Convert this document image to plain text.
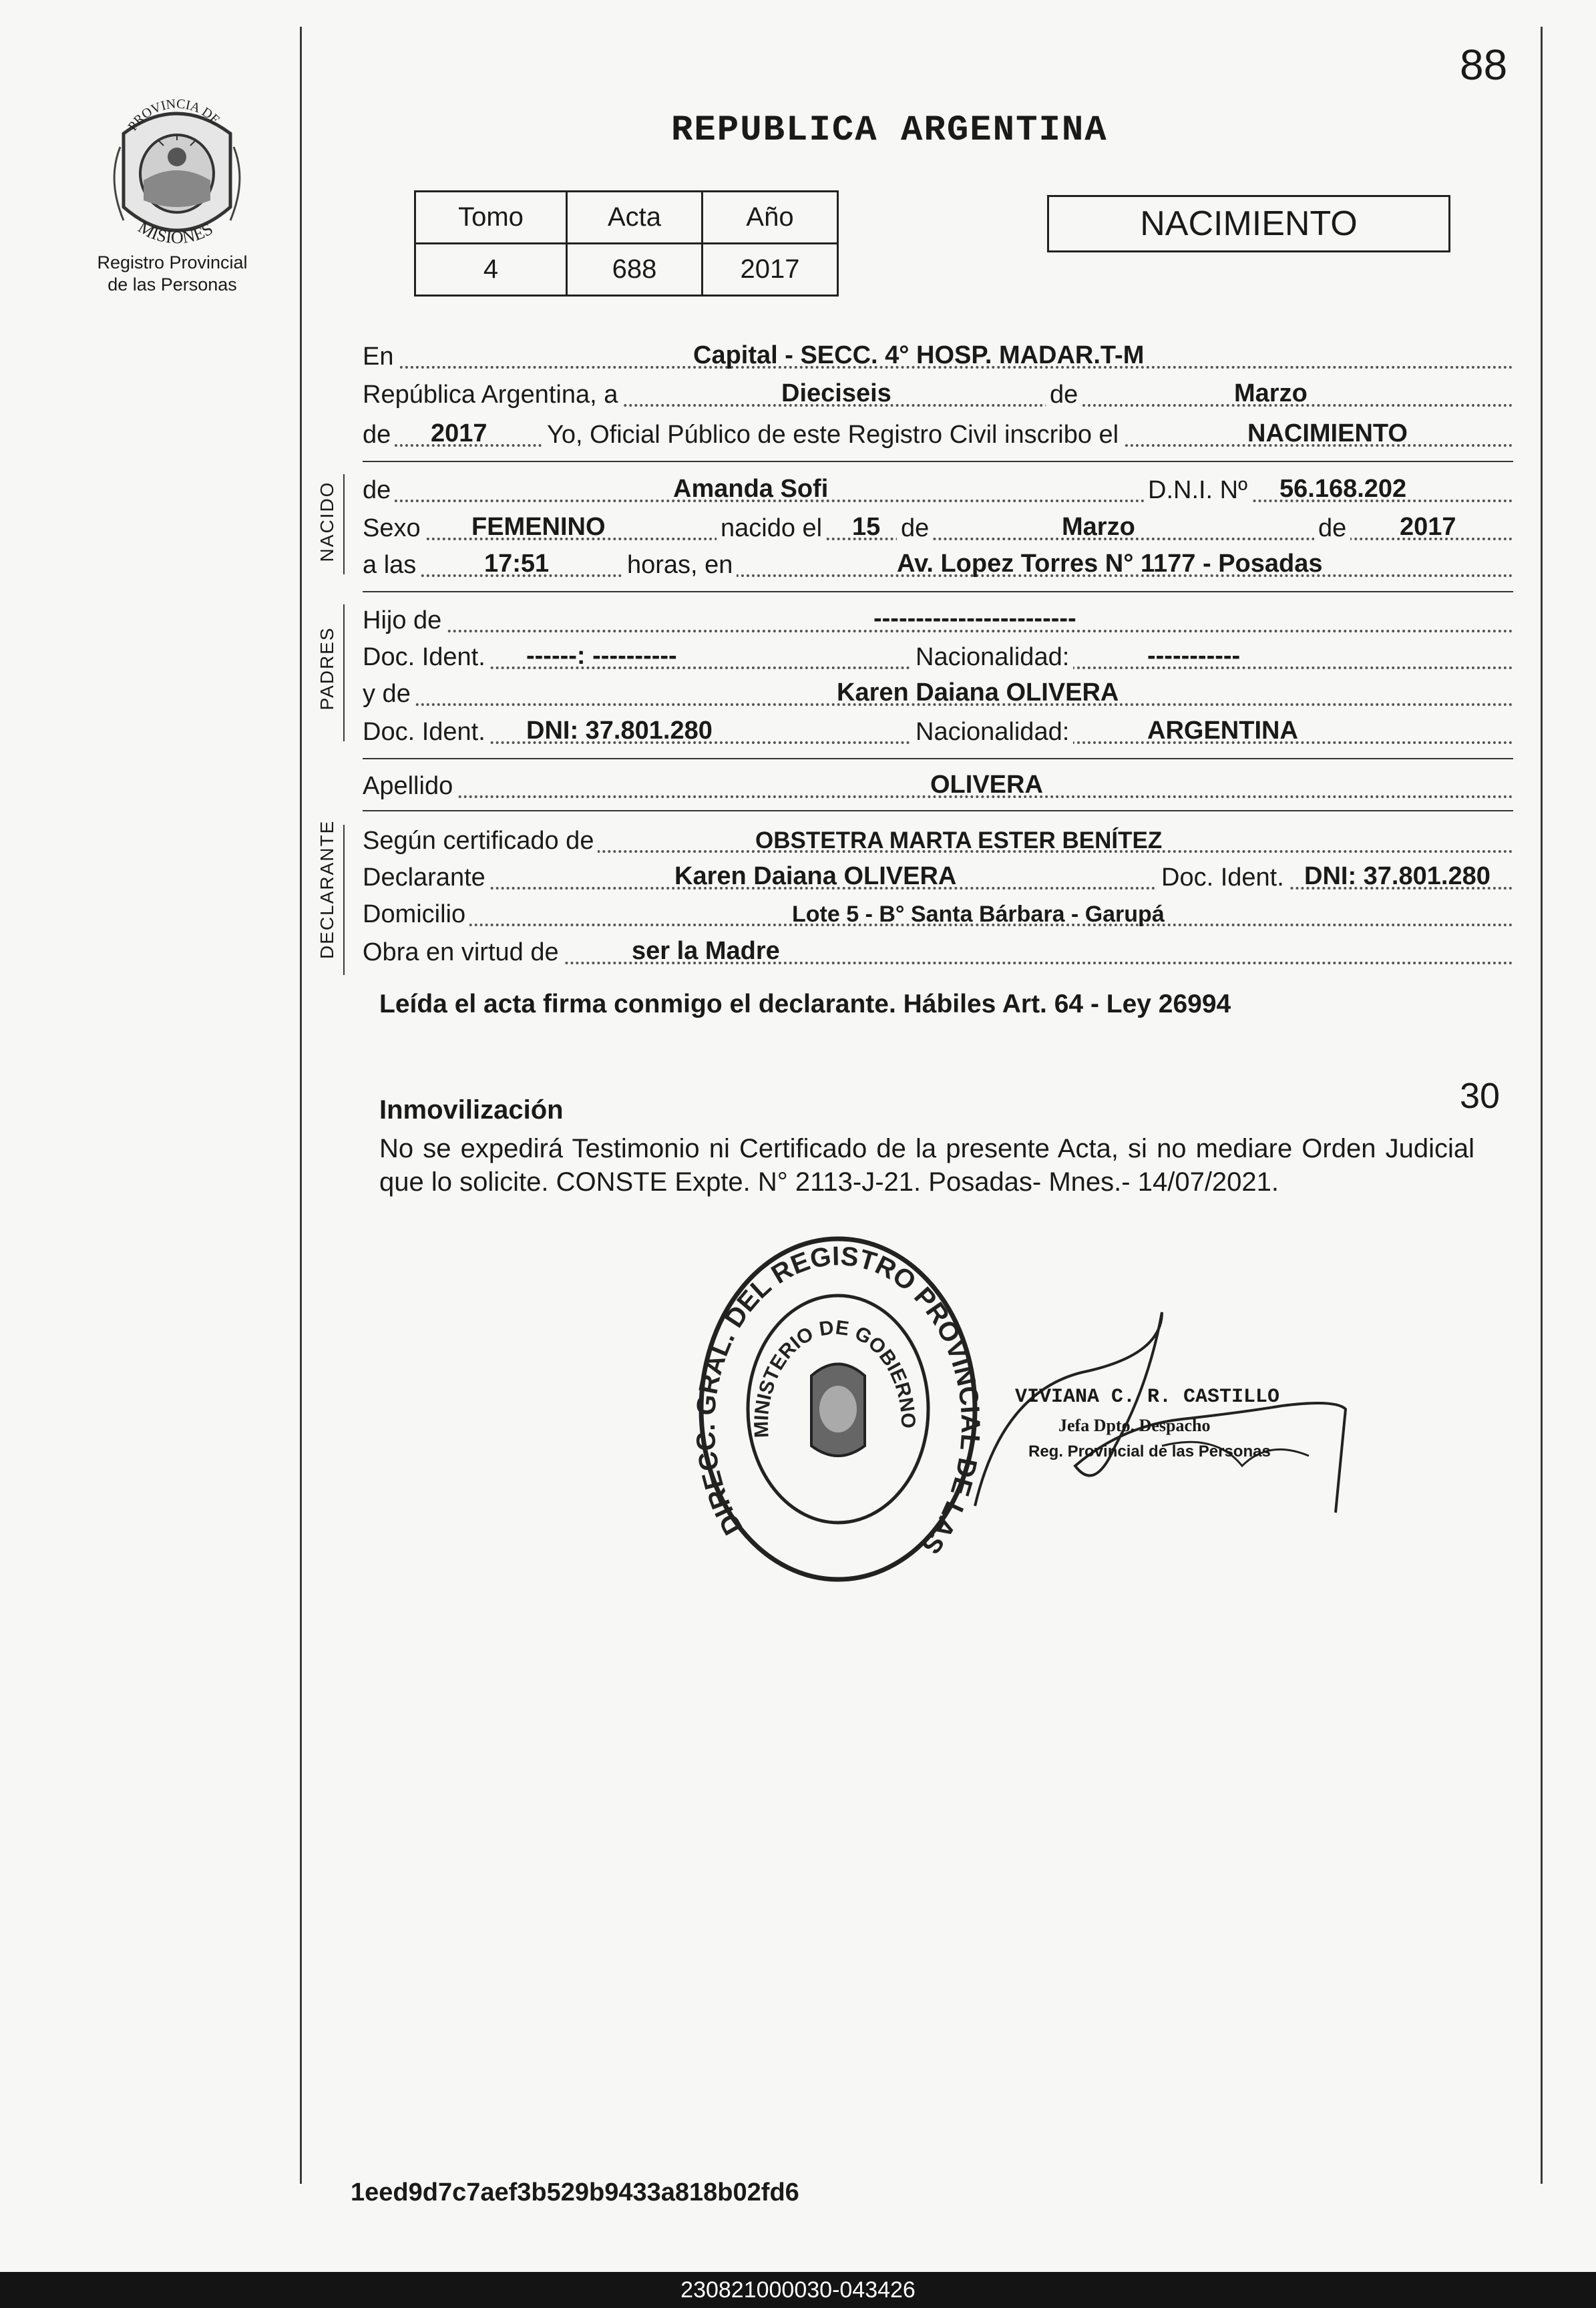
88
PROVINCIA DE
MISIONES
Registro Provincial
de las Personas
REPUBLICA ARGENTINA
Tomo	Acta	Año
4	688	2017
NACIMIENTO
En	Capital - SECC. 4° HOSP. MADAR.T-M
República Argentina, a	Dieciseis	de	Marzo
de 2017 Yo, Oficial Público de este Registro Civil inscribo el	NACIMIENTO
NACIDO de	Amanda Sofi	D.N.I. Nº 56.168.202
Sexo FEMENINO	nacido el 15 de	Marzo	de 2017
a las	17:51	horas, en	Av. Lopez Torres N° 1177 - Posadas
PADRES
Hijo de	------------------------
Doc. Ident. ------: ----------	Nacionalidad:	-----------
y de	Karen Daiana OLIVERA
Doc. Ident. DNI: 37.801.280	Nacionalidad:	ARGENTINA
Apellido	OLIVERA
DECLARANTE Según certificado de	OBSTETRA MARTA ESTER BENÍTEZ
Declarante	Karen Daiana OLIVERA	Doc. Ident. DNI: 37.801.280
Domicilio	Lote 5 - B° Santa Bárbara - Garupá
Obra en virtud de	ser la Madre
Leída el acta firma conmigo el declarante. Hábiles Art. 64 - Ley 26994
30
Inmovilización
No se expedirá Testimonio ni Certificado de la presente Acta, si no mediare Orden Judicial que lo solicite. CONSTE Expte. N° 2113-J-21. Posadas- Mnes.- 14/07/2021.
DIRECC. GRAL. DEL REGISTRO PROVINCIAL DE LAS
MINISTERIO DE GOBIERNO
VIVIANA C. R. CASTILLO
Jefa Dpto. Despacho
Reg. Provincial de las Personas
1eed9d7c7aef3b529b9433a818b02fd6
230821000030-043426
